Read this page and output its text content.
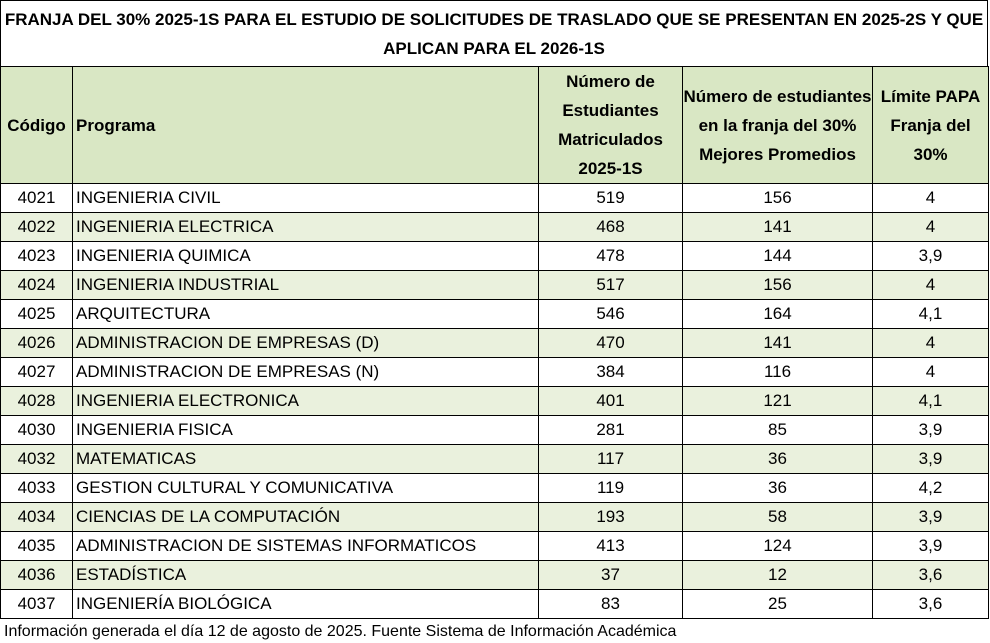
FRANJA DEL 30% 2025-1S PARA EL ESTUDIO DE SOLICITUDES DE TRASLADO QUE SE PRESENTAN EN 2025-2S Y QUE APLICAN PARA EL 2026-1S
Código	Programa	Número de Estudiantes Matriculados 2025-1S	Número de estudiantes en la franja del 30% Mejores Promedios	Límite PAPA Franja del 30%
4021	INGENIERIA CIVIL	519	156	4
4022	INGENIERIA ELECTRICA	468	141	4
4023	INGENIERIA QUIMICA	478	144	3,9
4024	INGENIERIA INDUSTRIAL	517	156	4
4025	ARQUITECTURA	546	164	4,1
4026	ADMINISTRACION DE EMPRESAS (D)	470	141	4
4027	ADMINISTRACION DE EMPRESAS (N)	384	116	4
4028	INGENIERIA ELECTRONICA	401	121	4,1
4030	INGENIERIA FISICA	281	85	3,9
4032	MATEMATICAS	117	36	3,9
4033	GESTION CULTURAL Y COMUNICATIVA	119	36	4,2
4034	CIENCIAS DE LA COMPUTACIÓN	193	58	3,9
4035	ADMINISTRACION DE SISTEMAS INFORMATICOS	413	124	3,9
4036	ESTADÍSTICA	37	12	3,6
4037	INGENIERÍA BIOLÓGICA	83	25	3,6
Información generada el día 12 de agosto de 2025. Fuente Sistema de Información Académica
